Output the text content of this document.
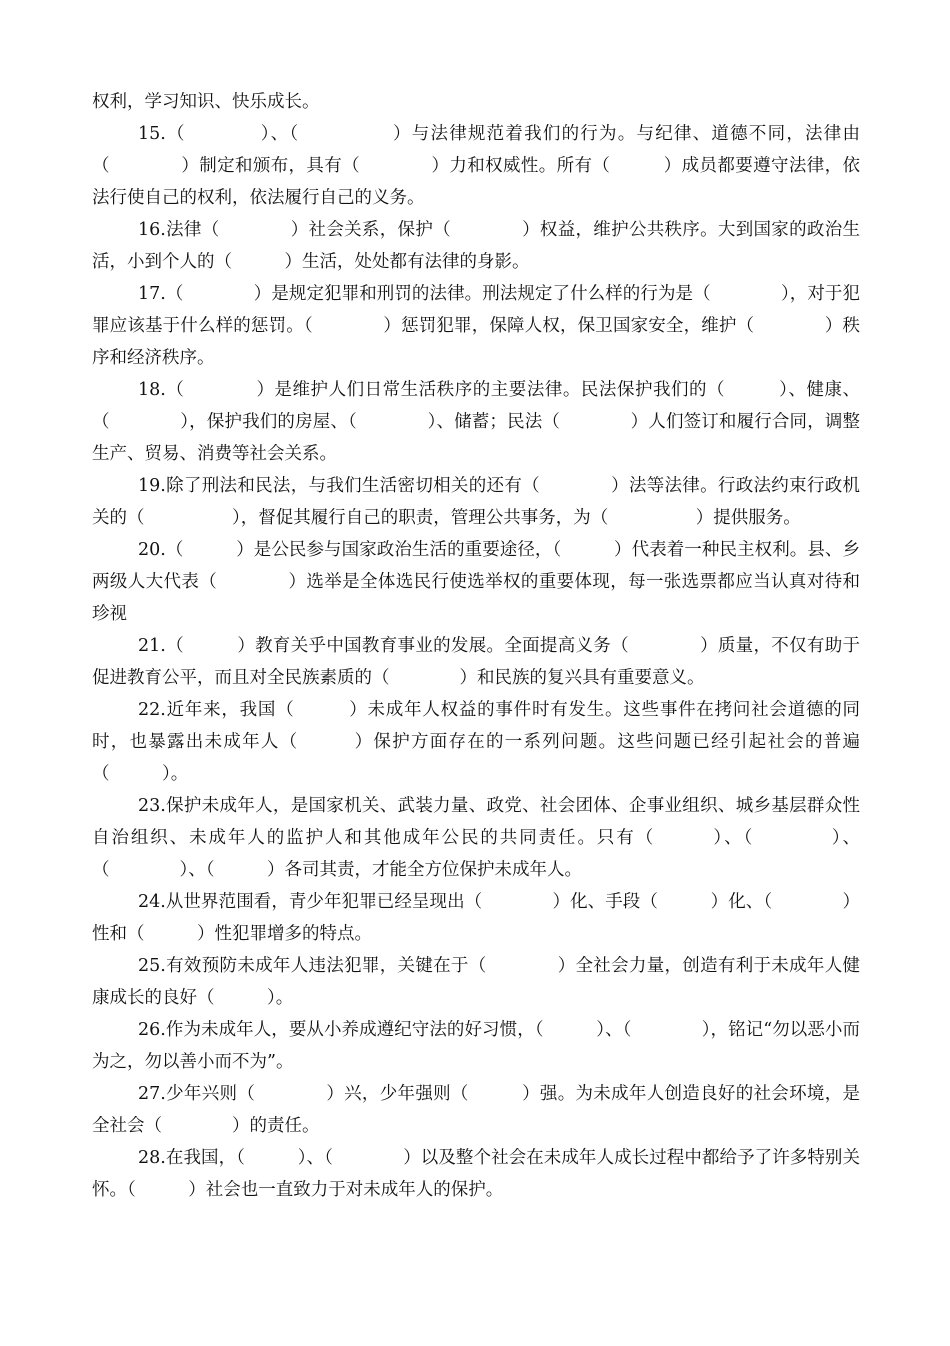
权利，学习知识、快乐成长。

15.（　　　　）、（　　　　　）与法律规范着我们的行为。与纪律、道德不同，法律由（　　　　）制定和颁布，具有（　　　　）力和权威性。所有（　　　）成员都要遵守法律，依法行使自己的权利，依法履行自己的义务。

16.法律（　　　　）社会关系，保护（　　　　）权益，维护公共秩序。大到国家的政治生活，小到个人的（　　　）生活，处处都有法律的身影。

17.（　　　　）是规定犯罪和刑罚的法律。刑法规定了什么样的行为是（　　　　），对于犯罪应该基于什么样的惩罚。（　　　　）惩罚犯罪，保障人权，保卫国家安全，维护（　　　　）秩序和经济秩序。

18.（　　　　）是维护人们日常生活秩序的主要法律。民法保护我们的（　　　）、健康、（　　　　），保护我们的房屋、（　　　　）、储蓄；民法（　　　　）人们签订和履行合同，调整生产、贸易、消费等社会关系。

19.除了刑法和民法，与我们生活密切相关的还有（　　　　）法等法律。行政法约束行政机关的（　　　　　），督促其履行自己的职责，管理公共事务，为（　　　　　）提供服务。

20.（　　　）是公民参与国家政治生活的重要途径，（　　　）代表着一种民主权利。县、乡两级人大代表（　　　　）选举是全体选民行使选举权的重要体现，每一张选票都应当认真对待和珍视

21.（　　　）教育关乎中国教育事业的发展。全面提高义务（　　　　）质量，不仅有助于促进教育公平，而且对全民族素质的（　　　　）和民族的复兴具有重要意义。

22.近年来，我国（　　　）未成年人权益的事件时有发生。这些事件在拷问社会道德的同时，也暴露出未成年人（　　　）保护方面存在的一系列问题。这些问题已经引起社会的普遍（　　　）。

23.保护未成年人，是国家机关、武装力量、政党、社会团体、企事业组织、城乡基层群众性自治组织、未成年人的监护人和其他成年公民的共同责任。只有（　　　）、（　　　　）、（　　　　）、（　　　）各司其责，才能全方位保护未成年人。

24.从世界范围看，青少年犯罪已经呈现出（　　　　）化、手段（　　　）化、（　　　　）性和（　　　）性犯罪增多的特点。

25.有效预防未成年人违法犯罪，关键在于（　　　　）全社会力量，创造有利于未成年人健康成长的良好（　　　）。

26.作为未成年人，要从小养成遵纪守法的好习惯，（　　　）、（　　　　），铭记“勿以恶小而为之，勿以善小而不为”。

27.少年兴则（　　　　）兴，少年强则（　　　）强。为未成年人创造良好的社会环境，是全社会（　　　　）的责任。

28.在我国，（　　　）、（　　　　）以及整个社会在未成年人成长过程中都给予了许多特别关怀。（　　　）社会也一直致力于对未成年人的保护。
